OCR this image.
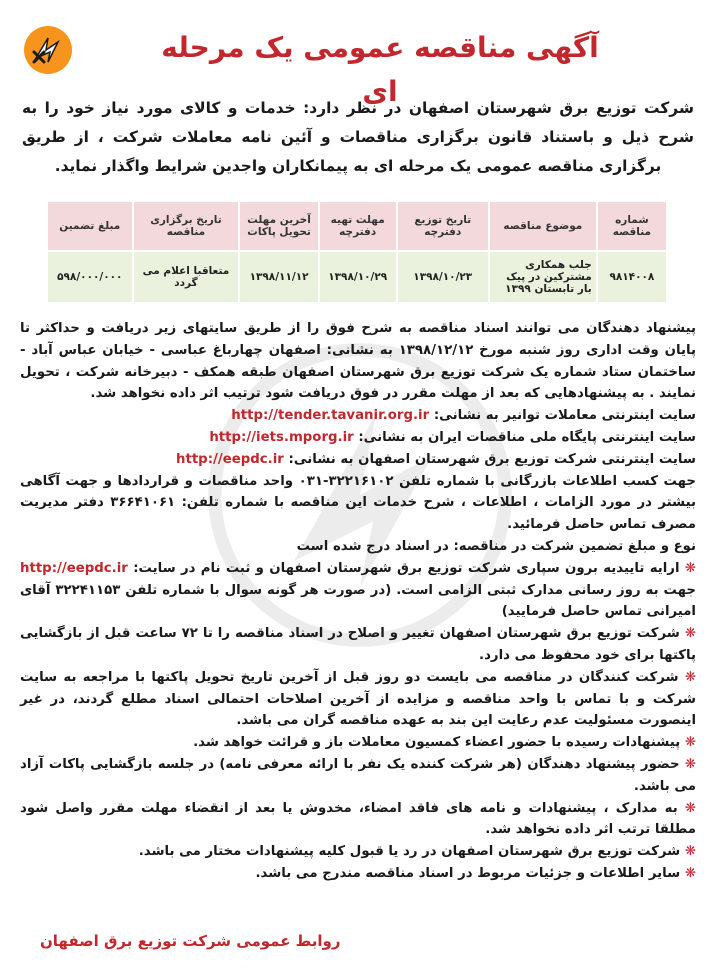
آگهی مناقصه عمومی یک مرحله ای
شرکت توزیع برق شهرستان اصفهان در نظر دارد: خدمات و کالای مورد نیاز خود را به شرح ذیل و باستناد قانون برگزاری مناقصات و آئین نامه معاملات شرکت ، از طریق برگزاری مناقصه عمومی یک مرحله ای به پیمانکاران واجدین شرایط واگذار نماید.
شماره مناقصه	موضوع مناقصه	تاریخ توزیع دفترچه	مهلت تهیه دفترچه	آخرین مهلت تحویل پاکات	تاریخ برگزاری مناقصه	مبلغ تضمین
۹۸۱۴۰۰۸	جلب همکاری مشترکین در پیک بار تابستان ۱۳۹۹	۱۳۹۸/۱۰/۲۳	۱۳۹۸/۱۰/۲۹	۱۳۹۸/۱۱/۱۲	متعاقبا اعلام می گردد	۵۹۸/۰۰۰/۰۰۰

پیشنهاد دهندگان می توانند اسناد مناقصه به شرح فوق را از طریق سایتهای زیر دریافت و حداکثر تا پایان وقت اداری روز شنبه مورخ ۱۳۹۸/۱۲/۱۲ به نشانی: اصفهان چهارباغ عباسی - خیابان عباس آباد - ساختمان ستاد شماره یک شرکت توزیع برق شهرستان اصفهان طبقه همکف - دبیرخانه شرکت ، تحویل نمایند . به پیشنهادهایی که بعد از مهلت مقرر در فوق دریافت شود ترتیب اثر داده نخواهد شد.

سایت اینترنتی معاملات توانیر به نشانی: http://tender.tavanir.org.ir

سایت اینترنتی پایگاه ملی مناقصات ایران به نشانی: http://iets.mporg.ir

سایت اینترنتی شرکت توزیع برق شهرستان اصفهان به نشانی: http://eepdc.ir

جهت کسب اطلاعات بازرگانی با شماره تلفن ۳۲۲۱۶۱۰۲-۰۳۱ واحد مناقصات و قراردادها و جهت آگاهی بیشتر در مورد الزامات ، اطلاعات ، شرح خدمات این مناقصه با شماره تلفن: ۳۶۶۴۱۰۶۱ دفتر مدیریت مصرف تماس حاصل فرمائید.

نوع و مبلغ تضمین شرکت در مناقصه: در اسناد درج شده است

❋ ارایه تاییدیه برون سپاری شرکت توزیع برق شهرستان اصفهان و ثبت نام در سایت: http://eepdc.ir جهت به روز رسانی مدارک ثبتی الزامی است. (در صورت هر گونه سوال با شماره تلفن ۳۲۲۴۱۱۵۳ آقای امیرانی تماس حاصل فرمایید)

❋ شرکت توزیع برق شهرستان اصفهان تغییر و اصلاح در اسناد مناقصه را تا ۷۲ ساعت قبل از بازگشایی پاکتها برای خود محفوظ می دارد.

❋ شرکت کنندگان در مناقصه می بایست دو روز قبل از آخرین تاریخ تحویل پاکتها با مراجعه به سایت شرکت و با تماس با واحد مناقصه و مزایده از آخرین اصلاحات احتمالی اسناد مطلع گردند، در غیر اینصورت مسئولیت عدم رعایت این بند به عهده مناقصه گران می باشد.

❋ پیشنهادات رسیده با حضور اعضاء کمسیون معاملات باز و قرائت خواهد شد.

❋ حضور پیشنهاد دهندگان (هر شرکت کننده یک نفر با ارائه معرفی نامه) در جلسه بازگشایی پاکات آزاد می باشد.

❋ به مدارک ، پیشنهادات و نامه های فاقد امضاء، مخدوش یا بعد از انقضاء مهلت مقرر واصل شود مطلقا ترتب اثر داده نخواهد شد.

❋ شرکت توزیع برق شهرستان اصفهان در رد یا قبول کلیه پیشنهادات مختار می باشد.

❋ سایر اطلاعات و جزئیات مربوط در اسناد مناقصه مندرج می باشد.

روابط عمومی شرکت توزیع برق اصفهان
